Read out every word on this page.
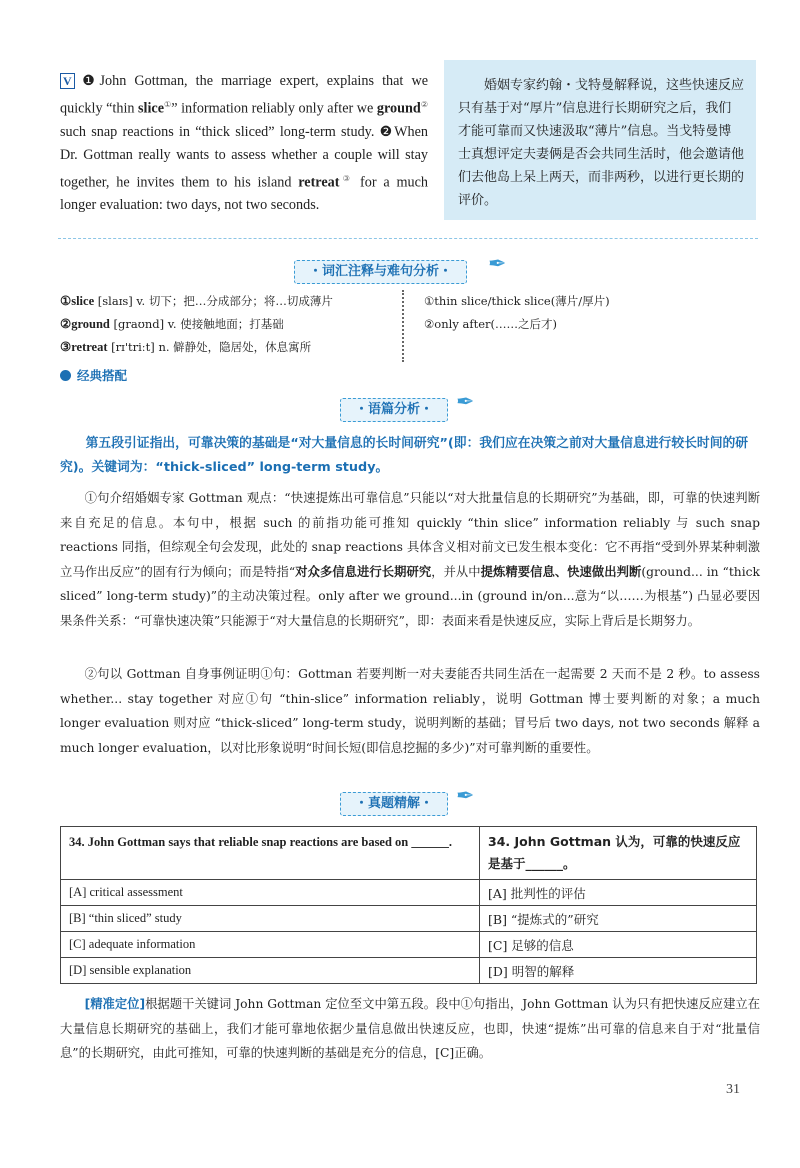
V ❶John Gottman, the marriage expert, explains that we quickly “thin slice①” information reliably only after we ground② such snap reactions in “thick sliced” long-term study. ❷When Dr. Gottman really wants to assess whether a couple will stay together, he invites them to his island retreat③ for a much longer evaluation: two days, not two seconds.
婚姻专家约翰・戈特曼解释说，这些快速反应只有基于对“厚片”信息进行长期研究之后，我们才能可靠而又快速汲取“薄片”信息。当戈特曼博士真想评定夫妻俩是否会共同生活时，他会邀请他们去他岛上呆上两天，而非两秒，以进行更长期的评价。
・词汇注释与难句分析・	✒
①slice [slaɪs] v. 切下；把…分成部分；将…切成薄片
②ground [graʊnd] v. 使接触地面；打基础
③retreat [rɪ'triːt] n. 僻静处，隐居处，休息寓所
①thin slice/thick slice(薄片/厚片)
②only after(……之后才)
经典搭配
・语篇分析・	✒
第五段引证指出，可靠决策的基础是“对大量信息的长时间研究”(即：我们应在决策之前对大量信息进行较长时间的研究)。关键词为：“thick-sliced” long-term study。
①句介绍婚姻专家 Gottman 观点：“快速提炼出可靠信息”只能以“对大批量信息的长期研究”为基础，即，可靠的快速判断来自充足的信息。本句中，根据 such 的前指功能可推知 quickly “thin slice” information reliably 与 such snap reactions 同指，但综观全句会发现，此处的 snap reactions 具体含义相对前文已发生根本变化：它不再指“受到外界某种刺激立马作出反应”的固有行为倾向；而是特指“对众多信息进行长期研究，并从中提炼精要信息、快速做出判断(ground... in “thick sliced” long-term study)”的主动决策过程。only after we ground...in (ground in/on...意为“以……为根基”) 凸显必要因果条件关系：“可靠快速决策”只能源于“对大量信息的长期研究”，即：表面来看是快速反应，实际上背后是长期努力。
②句以 Gottman 自身事例证明①句：Gottman 若要判断一对夫妻能否共同生活在一起需要 2 天而不是 2 秒。to assess whether... stay together 对应①句 “thin-slice” information reliably，说明 Gottman 博士要判断的对象；a much longer evaluation 则对应 “thick-sliced” long-term study，说明判断的基础；冒号后 two days, not two seconds 解释 a much longer evaluation，以对比形象说明“时间长短(即信息挖掘的多少)”对可靠判断的重要性。
・真题精解・	✒
34. John Gottman says that reliable snap reactions are based on ______.	34. John Gottman 认为，可靠的快速反应是基于______。
[A] critical assessment	[A] 批判性的评估
[B] “thin sliced” study	[B] “提炼式的”研究
[C] adequate information	[C] 足够的信息
[D] sensible explanation	[D] 明智的解释
[精准定位]根据题干关键词 John Gottman 定位至文中第五段。段中①句指出，John Gottman 认为只有把快速反应建立在大量信息长期研究的基础上，我们才能可靠地依据少量信息做出快速反应，也即，快速“提炼”出可靠的信息来自于对“批量信息”的长期研究，由此可推知，可靠的快速判断的基础是充分的信息，[C]正确。
31
